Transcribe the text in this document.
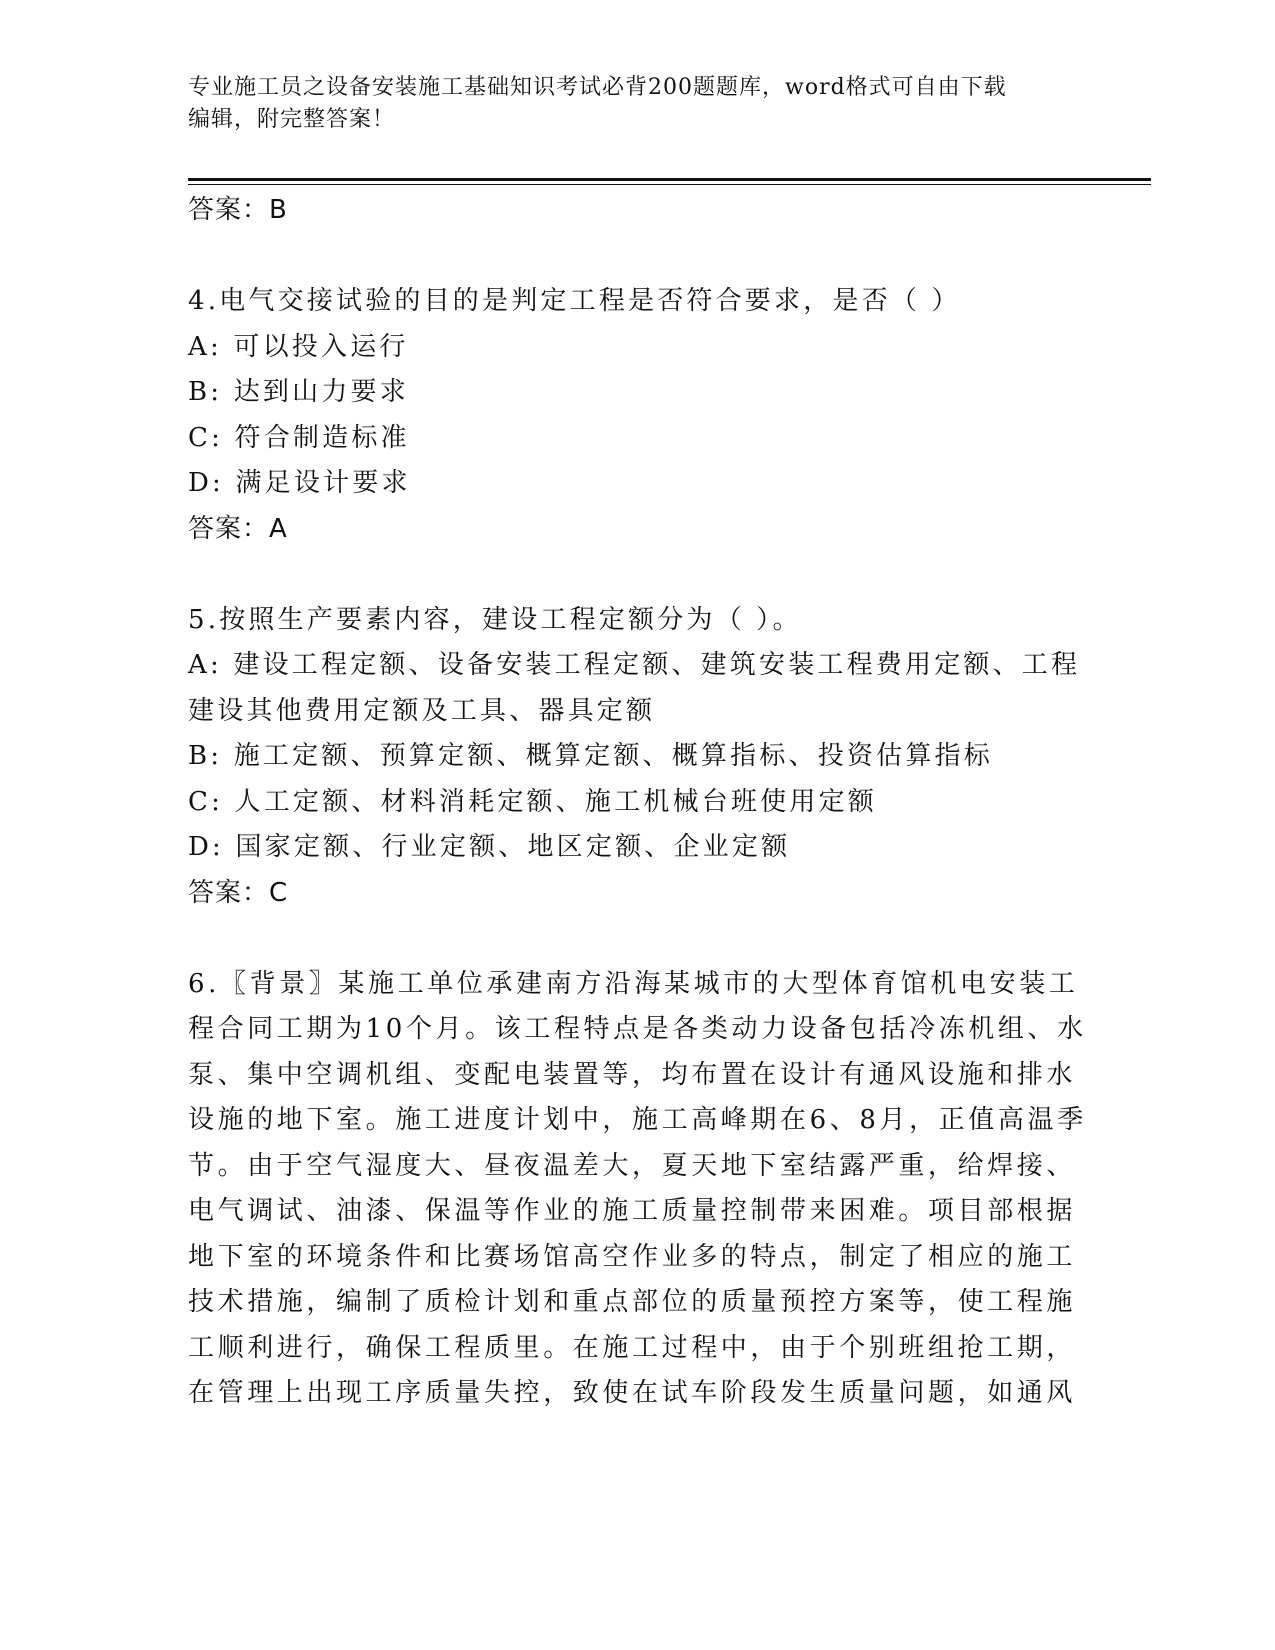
专业施工员之设备安装施工基础知识考试必背200题题库，word格式可自由下载
编辑，附完整答案！
答案：B
4.电气交接试验的目的是判定工程是否符合要求，是否（ ）
A: 可以投入运行
B: 达到山力要求
C: 符合制造标准
D: 满足设计要求
答案：A
5.按照生产要素内容，建设工程定额分为（ ）。
A: 建设工程定额、设备安装工程定额、建筑安装工程费用定额、工程
建设其他费用定额及工具、器具定额
B: 施工定额、预算定额、概算定额、概算指标、投资估算指标
C: 人工定额、材料消耗定额、施工机械台班使用定额
D: 国家定额、行业定额、地区定额、企业定额
答案：C
6.〖背景〗某施工单位承建南方沿海某城市的大型体育馆机电安装工
程合同工期为10个月。该工程特点是各类动力设备包括冷冻机组、水
泵、集中空调机组、变配电装置等，均布置在设计有通风设施和排水
设施的地下室。施工进度计划中，施工高峰期在6、8月，正值高温季
节。由于空气湿度大、昼夜温差大，夏天地下室结露严重，给焊接、
电气调试、油漆、保温等作业的施工质量控制带来困难。项目部根据
地下室的环境条件和比赛场馆高空作业多的特点，制定了相应的施工
技术措施，编制了质检计划和重点部位的质量预控方案等，使工程施
工顺利进行，确保工程质里。在施工过程中，由于个别班组抢工期，
在管理上出现工序质量失控，致使在试车阶段发生质量问题，如通风
